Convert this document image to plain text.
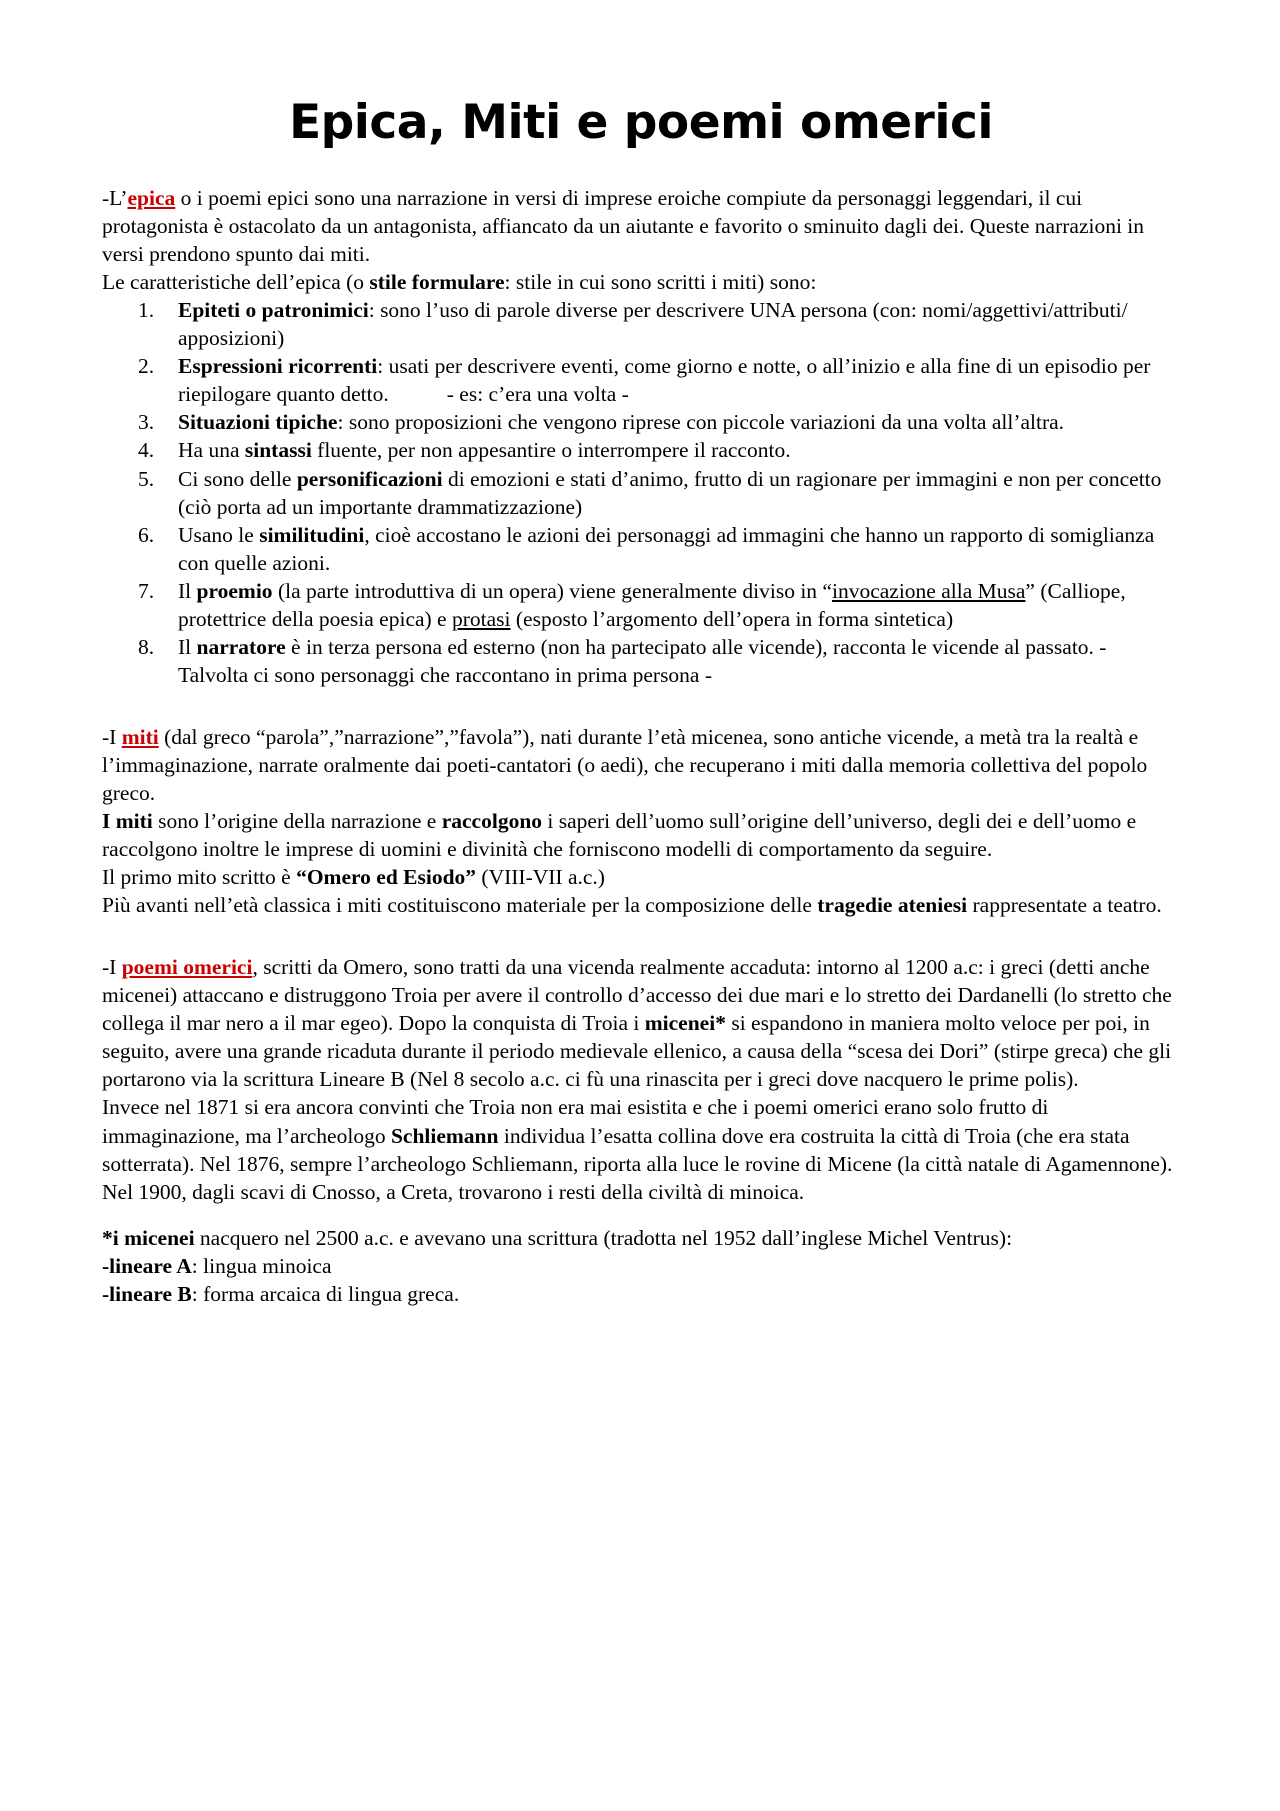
Epica, Miti e poemi omerici

-L’epica o i poemi epici sono una narrazione in versi di imprese eroiche compiute da personaggi leggendari, il cui protagonista è ostacolato da un antagonista, affiancato da un aiutante e favorito o sminuito dagli dei. Queste narrazioni in versi prendono spunto dai miti.

Le caratteristiche dell’epica (o stile formulare: stile in cui sono scritti i miti) sono:

Epiteti o patronimici: sono l’uso di parole diverse per descrivere UNA persona (con: nomi/aggettivi/attributi/ apposizioni)
Espressioni ricorrenti: usati per descrivere eventi, come giorno e notte, o all’inizio e alla fine di un episodio per riepilogare quanto detto.	- es: c’era una volta -
Situazioni tipiche: sono proposizioni che vengono riprese con piccole variazioni da una volta all’altra.
Ha una sintassi fluente, per non appesantire o interrompere il racconto.
Ci sono delle personificazioni di emozioni e stati d’animo, frutto di un ragionare per immagini e non per concetto (ciò porta ad un importante drammatizzazione)
Usano le similitudini, cioè accostano le azioni dei personaggi ad immagini che hanno un rapporto di somiglianza con quelle azioni.
Il proemio (la parte introduttiva di un opera) viene generalmente diviso in “invocazione alla Musa” (Calliope, protettrice della poesia epica) e protasi (esposto l’argomento dell’opera in forma sintetica)
Il narratore è in terza persona ed esterno (non ha partecipato alle vicende), racconta le vicende al passato. - Talvolta ci sono personaggi che raccontano in prima persona -

-I miti (dal greco “parola”,”narrazione”,”favola”), nati durante l’età micenea, sono antiche vicende, a metà tra la realtà e l’immaginazione, narrate oralmente dai poeti-cantatori (o aedi), che recuperano i miti dalla memoria collettiva del popolo greco.

I miti sono l’origine della narrazione e raccolgono i saperi dell’uomo sull’origine dell’universo, degli dei e dell’uomo e raccolgono inoltre le imprese di uomini e divinità che forniscono modelli di comportamento da seguire.

Il primo mito scritto è “Omero ed Esiodo” (VIII-VII a.c.)

Più avanti nell’età classica i miti costituiscono materiale per la composizione delle tragedie ateniesi rappresentate a teatro.

-I poemi omerici, scritti da Omero, sono tratti da una vicenda realmente accaduta: intorno al 1200 a.c: i greci (detti anche micenei) attaccano e distruggono Troia per avere il controllo d’accesso dei due mari e lo stretto dei Dardanelli (lo stretto che collega il mar nero a il mar egeo). Dopo la conquista di Troia i micenei* si espandono in maniera molto veloce per poi, in seguito, avere una grande ricaduta durante il periodo medievale ellenico, a causa della “scesa dei Dori” (stirpe greca) che gli portarono via la scrittura Lineare B (Nel 8 secolo a.c. ci fù una rinascita per i greci dove nacquero le prime polis).

Invece nel 1871 si era ancora convinti che Troia non era mai esistita e che i poemi omerici erano solo frutto di immaginazione, ma l’archeologo Schliemann individua l’esatta collina dove era costruita la città di Troia (che era stata sotterrata). Nel 1876, sempre l’archeologo Schliemann, riporta alla luce le rovine di Micene (la città natale di Agamennone). Nel 1900, dagli scavi di Cnosso, a Creta, trovarono i resti della civiltà di minoica.

*i micenei nacquero nel 2500 a.c. e avevano una scrittura (tradotta nel 1952 dall’inglese Michel Ventrus):

-lineare A: lingua minoica

-lineare B: forma arcaica di lingua greca.
